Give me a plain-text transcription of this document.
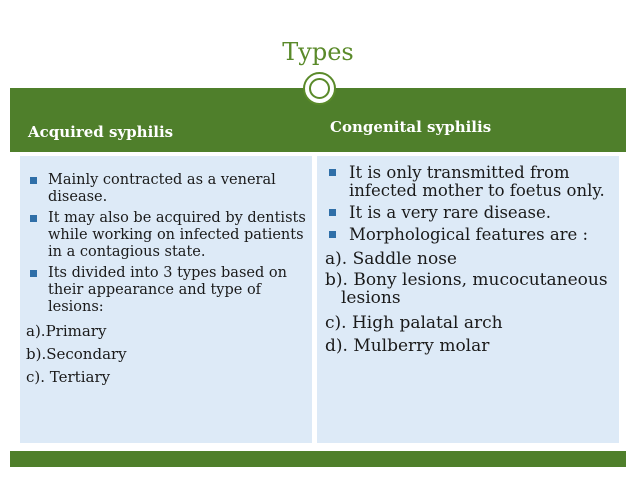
Types
Acquired syphilis	Congenital syphilis
Mainly contracted as a veneral disease.
It may also be acquired by dentists while working on infected patients in a contagious state.
Its divided into 3 types based on their appearance and type of lesions:

a).Primary

b).Secondary

c). Tertiary

It is only transmitted from infected mother to foetus only.
It is a very rare disease.
Morphological features are :

a). Saddle nose

b). Bony lesions, mucocutaneous lesions

c). High palatal arch

d). Mulberry molar
